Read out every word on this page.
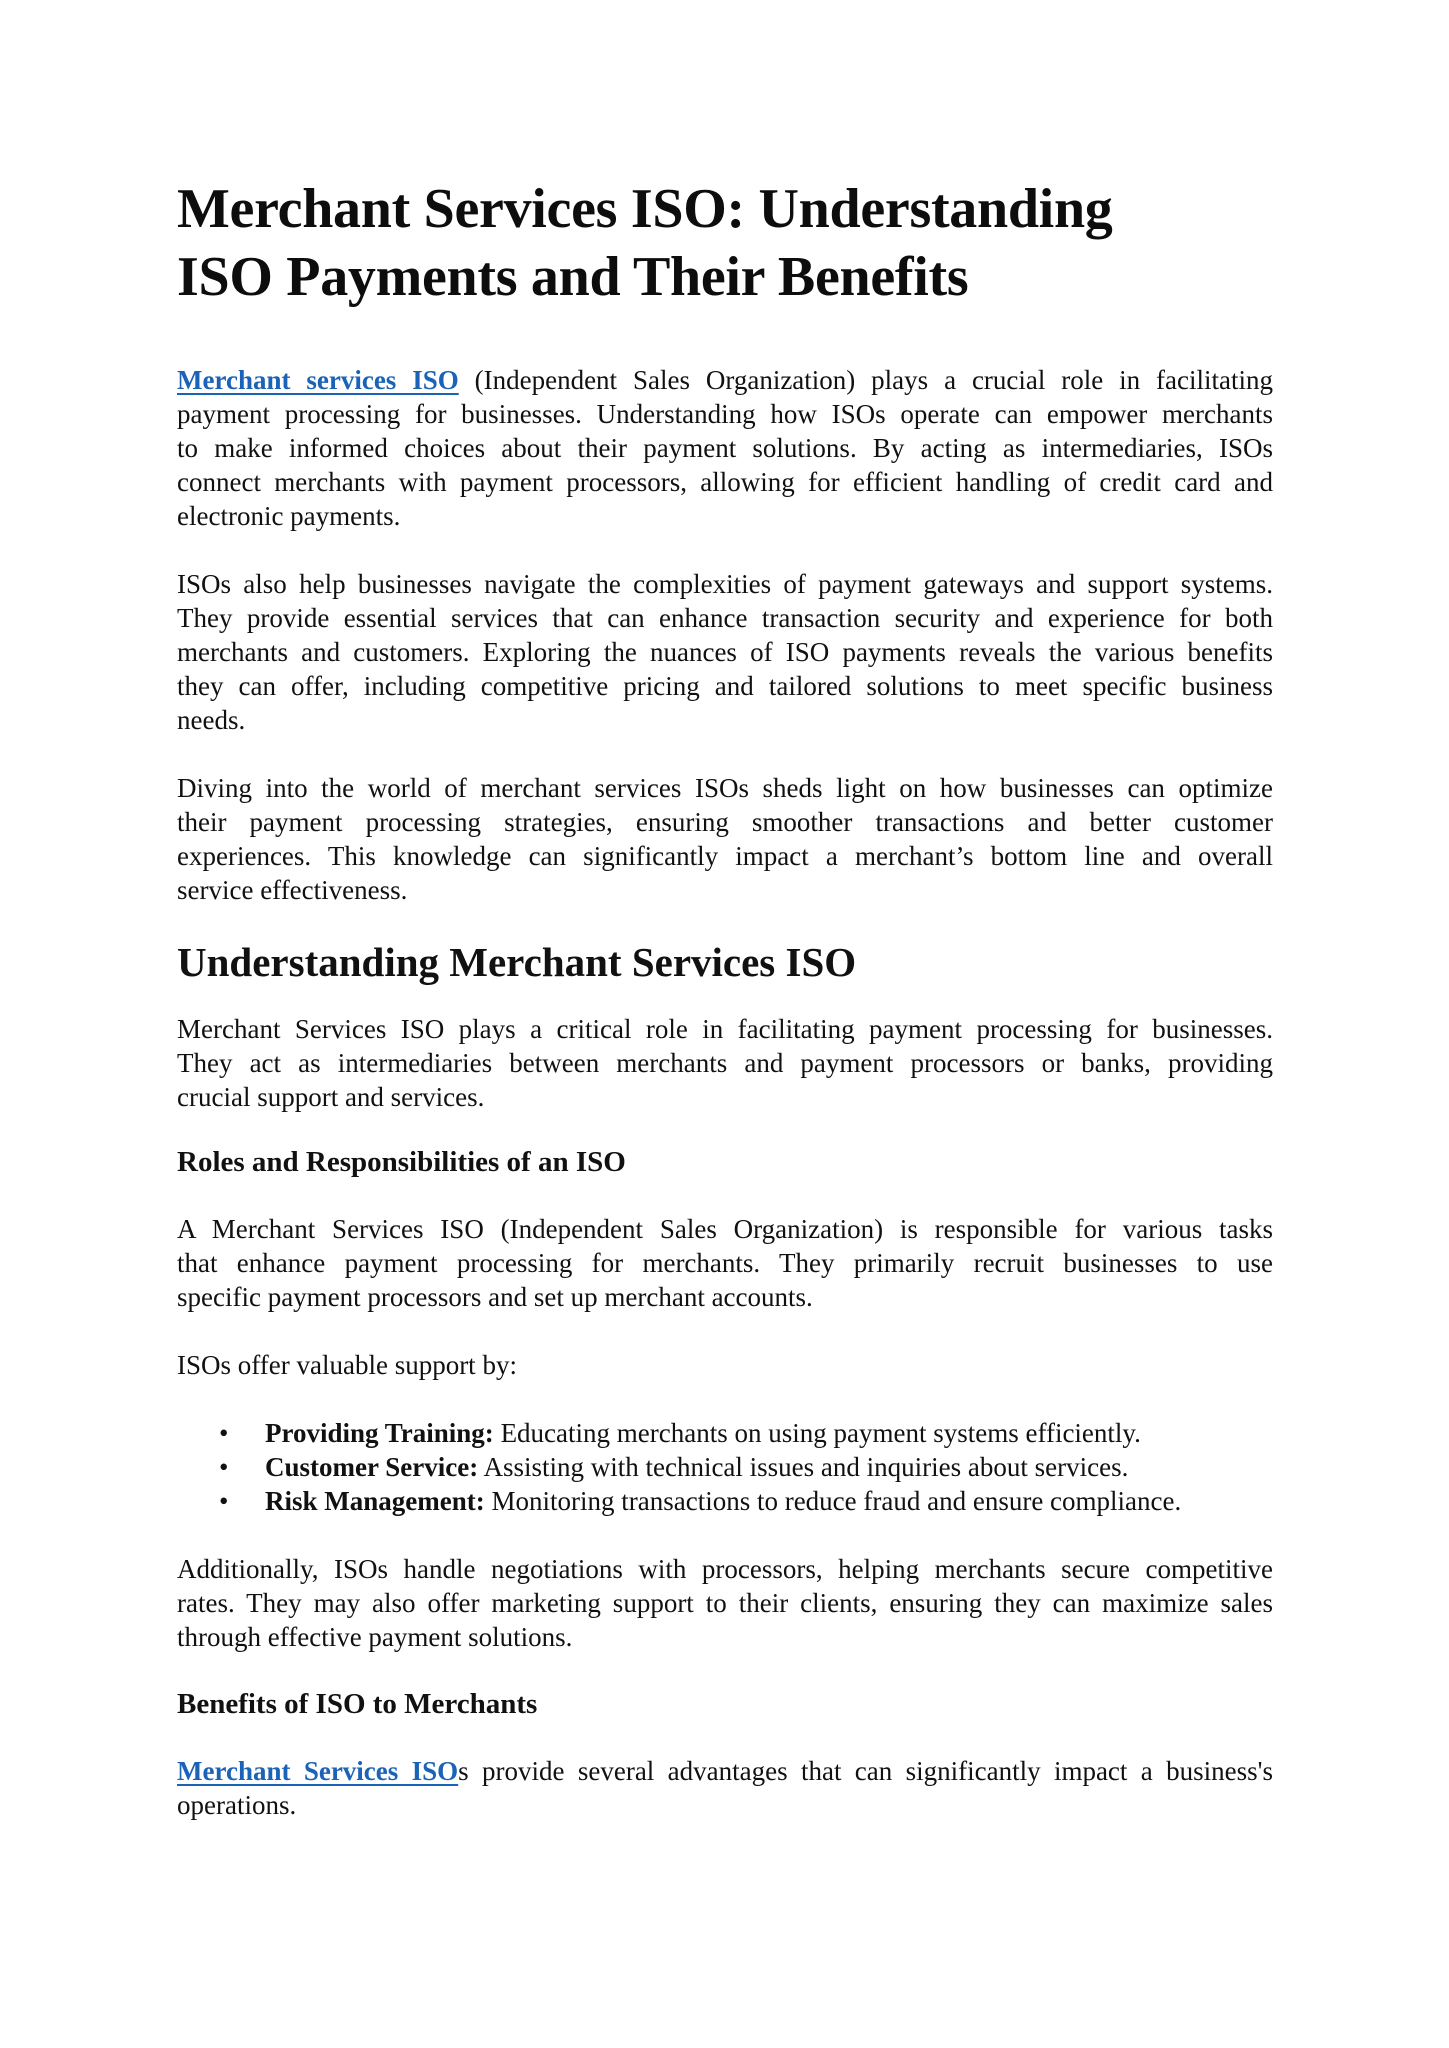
Merchant Services ISO: Understanding
ISO Payments and Their Benefits

Merchant services ISO (Independent Sales Organization) plays a crucial role in facilitating
payment processing for businesses. Understanding how ISOs operate can empower merchants
to make informed choices about their payment solutions. By acting as intermediaries, ISOs
connect merchants with payment processors, allowing for efficient handling of credit card and
electronic payments.

ISOs also help businesses navigate the complexities of payment gateways and support systems.
They provide essential services that can enhance transaction security and experience for both
merchants and customers. Exploring the nuances of ISO payments reveals the various benefits
they can offer, including competitive pricing and tailored solutions to meet specific business
needs.

Diving into the world of merchant services ISOs sheds light on how businesses can optimize
their payment processing strategies, ensuring smoother transactions and better customer
experiences. This knowledge can significantly impact a merchant’s bottom line and overall
service effectiveness.

Understanding Merchant Services ISO

Merchant Services ISO plays a critical role in facilitating payment processing for businesses.
They act as intermediaries between merchants and payment processors or banks, providing
crucial support and services.

Roles and Responsibilities of an ISO

A Merchant Services ISO (Independent Sales Organization) is responsible for various tasks
that enhance payment processing for merchants. They primarily recruit businesses to use
specific payment processors and set up merchant accounts.

ISOs offer valuable support by:

• Providing Training: Educating merchants on using payment systems efficiently.
• Customer Service: Assisting with technical issues and inquiries about services.
• Risk Management: Monitoring transactions to reduce fraud and ensure compliance.

Additionally, ISOs handle negotiations with processors, helping merchants secure competitive
rates. They may also offer marketing support to their clients, ensuring they can maximize sales
through effective payment solutions.

Benefits of ISO to Merchants

Merchant Services ISOs provide several advantages that can significantly impact a business's
operations.
